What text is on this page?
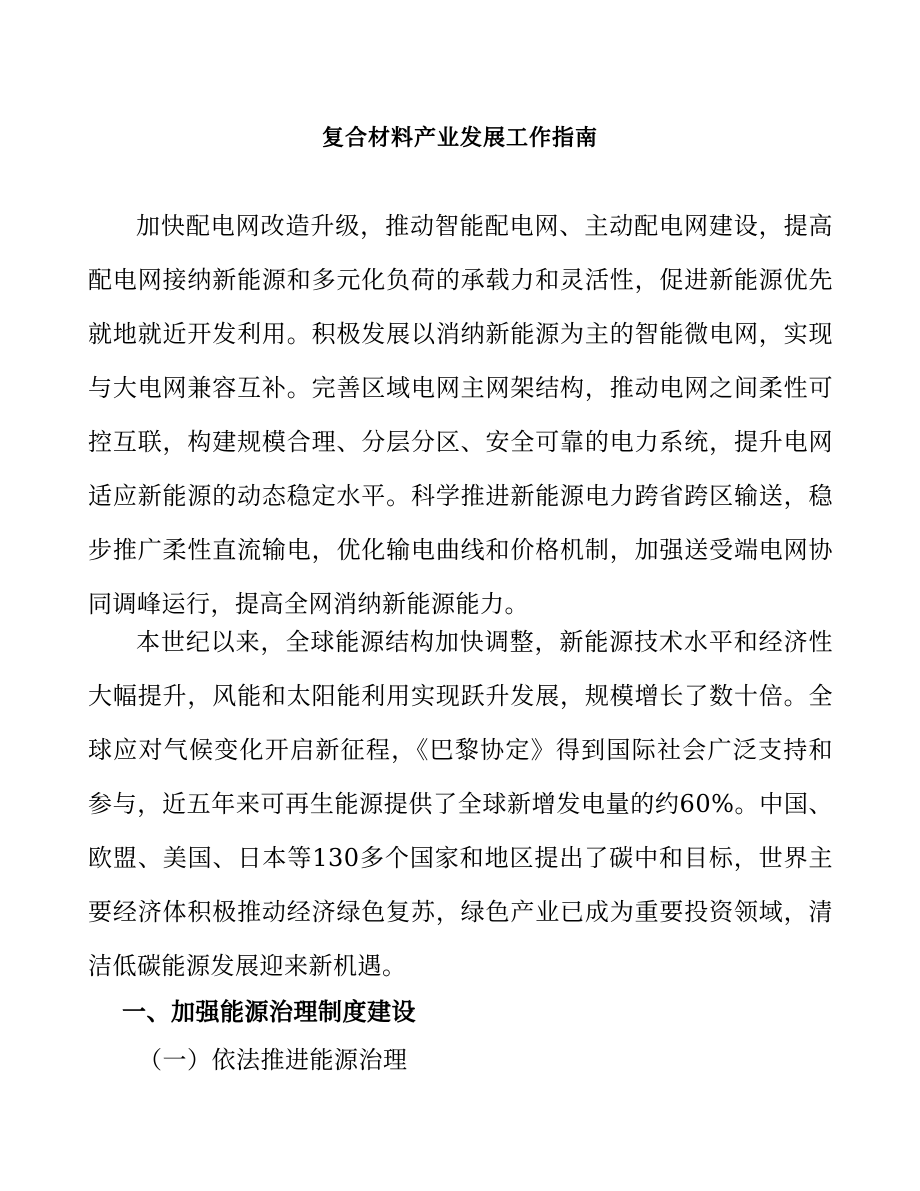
复合材料产业发展工作指南

加快配电网改造升级，推动智能配电网、主动配电网建设，提高配电网接纳新能源和多元化负荷的承载力和灵活性，促进新能源优先就地就近开发利用。积极发展以消纳新能源为主的智能微电网，实现与大电网兼容互补。完善区域电网主网架结构，推动电网之间柔性可控互联，构建规模合理、分层分区、安全可靠的电力系统，提升电网适应新能源的动态稳定水平。科学推进新能源电力跨省跨区输送，稳步推广柔性直流输电，优化输电曲线和价格机制，加强送受端电网协同调峰运行，提高全网消纳新能源能力。

本世纪以来，全球能源结构加快调整，新能源技术水平和经济性大幅提升，风能和太阳能利用实现跃升发展，规模增长了数十倍。全球应对气候变化开启新征程，《巴黎协定》得到国际社会广泛支持和参与，近五年来可再生能源提供了全球新增发电量的约60%。中国、欧盟、美国、日本等130多个国家和地区提出了碳中和目标，世界主要经济体积极推动经济绿色复苏，绿色产业已成为重要投资领域，清洁低碳能源发展迎来新机遇。

一、加强能源治理制度建设
（一）依法推进能源治理
